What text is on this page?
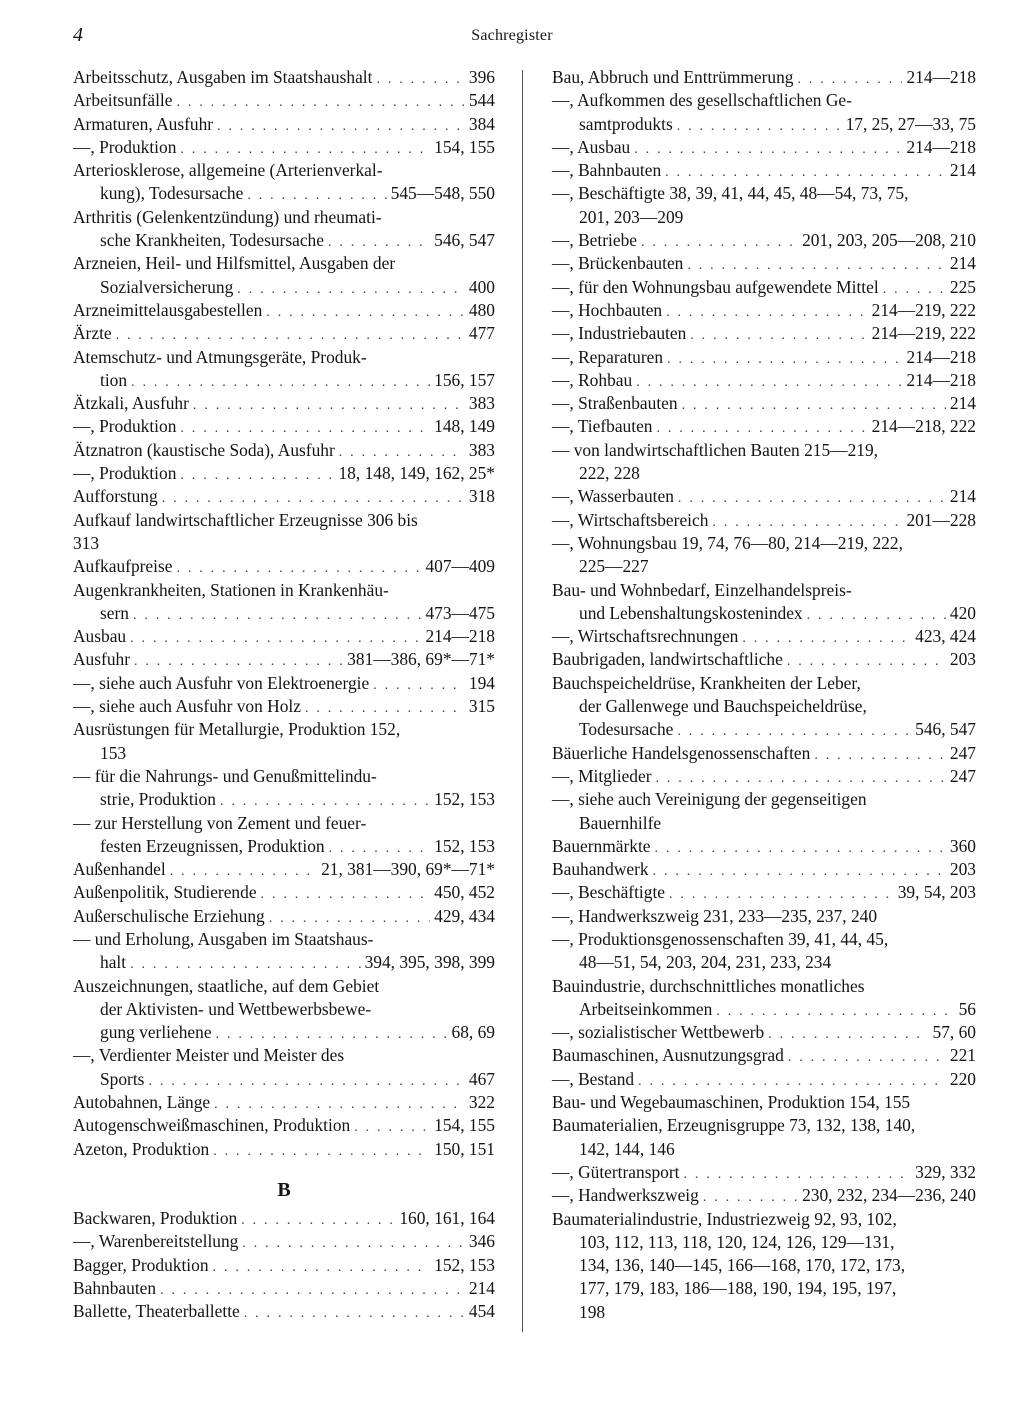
4	Sachregister
Arbeitsschutz, Ausgaben im Staatshaushalt . . .	396
Arbeitsunfälle . . .	544
Armaturen, Ausfuhr . . .	384
—, Produktion . . .	154, 155
Arteriosklerose, allgemeine (Arterienverkal-
kung), Todesursache . . .	545—548, 550
Arthritis (Gelenkentzündung) und rheumati-
sche Krankheiten, Todesursache . . .	546, 547
Arzneien, Heil- und Hilfsmittel, Ausgaben der
Sozialversicherung . . .	400
Arzneimittelausgabestellen . . .	480
Ärzte . . .	477
Atemschutz- und Atmungsgeräte, Produk-
tion . . .	156, 157
Ätzkali, Ausfuhr . . .	383
—, Produktion . . .	148, 149
Ätznatron (kaustische Soda), Ausfuhr . . .	383
—, Produktion . . .	18, 148, 149, 162, 25*
Aufforstung . . .	318
Aufkauf landwirtschaftlicher Erzeugnisse 306 bis
313
Aufkaufpreise . . .	407—409
Augenkrankheiten, Stationen in Krankenhäu-
sern . . .	473—475
Ausbau . . .	214—218
Ausfuhr . . .	381—386, 69*—71*
—, siehe auch Ausfuhr von Elektroenergie . . .	194
—, siehe auch Ausfuhr von Holz . . .	315
Ausrüstungen für Metallurgie, Produktion 152,
153
— für die Nahrungs- und Genußmittelindu-
strie, Produktion . . .	152, 153
— zur Herstellung von Zement und feuer-
festen Erzeugnissen, Produktion . . .	152, 153
Außenhandel . . .	21, 381—390, 69*—71*
Außenpolitik, Studierende . . .	450, 452
Außerschulische Erziehung . . .	429, 434
— und Erholung, Ausgaben im Staatshaus-
halt . . .	394, 395, 398, 399
Auszeichnungen, staatliche, auf dem Gebiet
der Aktivisten- und Wettbewerbsbewe-
gung verliehene . . .	68, 69
—, Verdienter Meister und Meister des
Sports . . .	467
Autobahnen, Länge . . .	322
Autogenschweißmaschinen, Produktion . . .	154, 155
Azeton, Produktion . . .	150, 151
B
Backwaren, Produktion . . .	160, 161, 164
—, Warenbereitstellung . . .	346
Bagger, Produktion . . .	152, 153
Bahnbauten . . .	214
Ballette, Theaterballette . . .	454
Bau, Abbruch und Enttrümmerung . . .	214—218
—, Aufkommen des gesellschaftlichen Ge-
samtprodukts . . .	17, 25, 27—33, 75
—, Ausbau . . .	214—218
—, Bahnbauten . . .	214
—, Beschäftigte 38, 39, 41, 44, 45, 48—54, 73, 75,
201, 203—209
—, Betriebe . . .	201, 203, 205—208, 210
—, Brückenbauten . . .	214
—, für den Wohnungsbau aufgewendete Mittel . . .	225
—, Hochbauten . . .	214—219, 222
—, Industriebauten . . .	214—219, 222
—, Reparaturen . . .	214—218
—, Rohbau . . .	214—218
—, Straßenbauten . . .	214
—, Tiefbauten . . .	214—218, 222
— von landwirtschaftlichen Bauten 215—219,
222, 228
—, Wasserbauten . . .	214
—, Wirtschaftsbereich . . .	201—228
—, Wohnungsbau 19, 74, 76—80, 214—219, 222,
225—227
Bau- und Wohnbedarf, Einzelhandelspreis-
und Lebenshaltungskostenindex . . .	420
—, Wirtschaftsrechnungen . . .	423, 424
Baubrigaden, landwirtschaftliche . . .	203
Bauchspeicheldrüse, Krankheiten der Leber,
der Gallenwege und Bauchspeicheldrüse,
Todesursache . . .	546, 547
Bäuerliche Handelsgenossenschaften . . .	247
—, Mitglieder . . .	247
—, siehe auch Vereinigung der gegenseitigen
Bauernhilfe
Bauernmärkte . . .	360
Bauhandwerk . . .	203
—, Beschäftigte . . .	39, 54, 203
—, Handwerkszweig 231, 233—235, 237, 240
—, Produktionsgenossenschaften 39, 41, 44, 45,
48—51, 54, 203, 204, 231, 233, 234
Bauindustrie, durchschnittliches monatliches
Arbeitseinkommen . . .	56
—, sozialistischer Wettbewerb . . .	57, 60
Baumaschinen, Ausnutzungsgrad . . .	221
—, Bestand . . .	220
Bau- und Wegebaumaschinen, Produktion 154, 155
Baumaterialien, Erzeugnisgruppe 73, 132, 138, 140,
142, 144, 146
—, Gütertransport . . .	329, 332
—, Handwerkszweig . . .	230, 232, 234—236, 240
Baumaterialindustrie, Industriezweig 92, 93, 102,
103, 112, 113, 118, 120, 124, 126, 129—131,
134, 136, 140—145, 166—168, 170, 172, 173,
177, 179, 183, 186—188, 190, 194, 195, 197,
198
